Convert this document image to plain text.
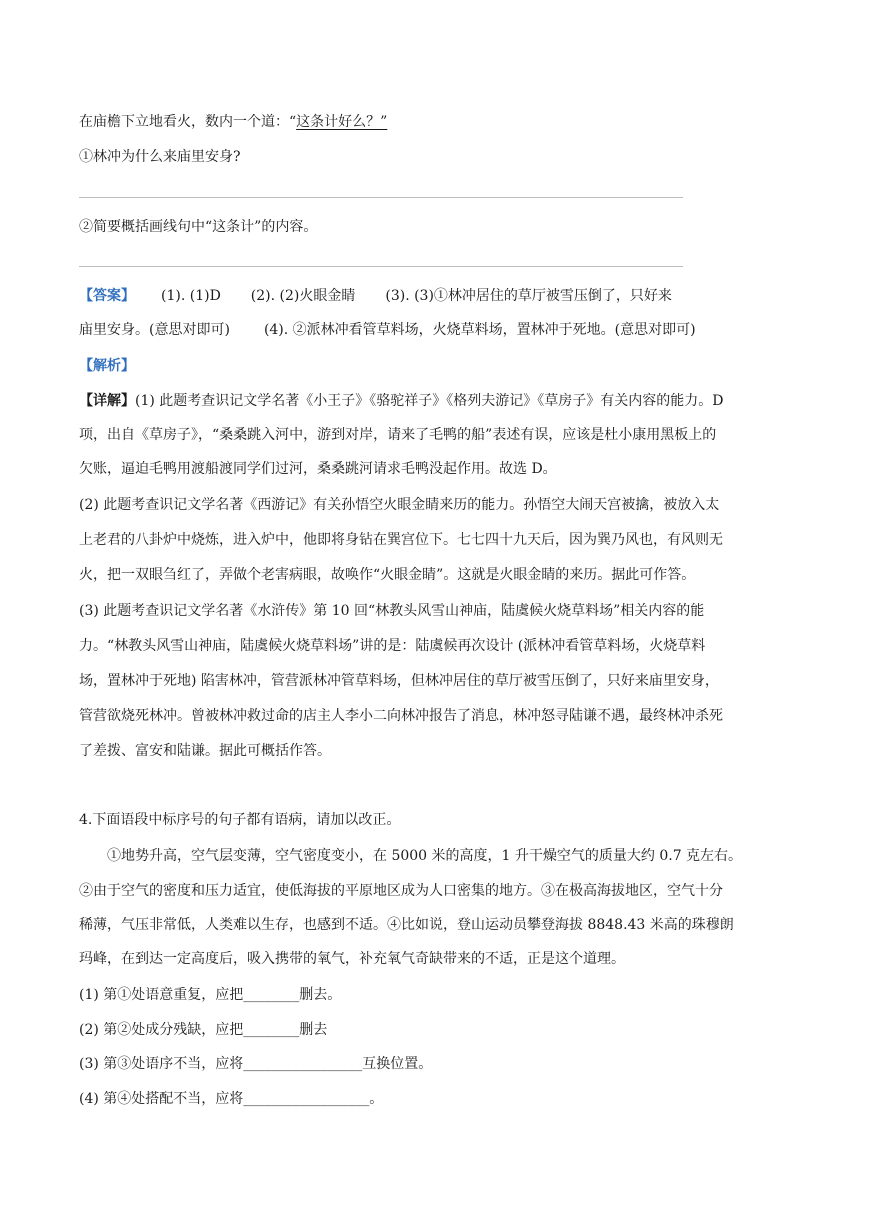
在庙檐下立地看火，数内一个道：“这条计好么？”
①林冲为什么来庙里安身?
②简要概括画线句中“这条计”的内容。
【答案】 (1). (1)D (2). (2)火眼金睛 (3). (3)①林冲居住的草厅被雪压倒了，只好来
庙里安身。(意思对即可) (4). ②派林冲看管草料场，火烧草料场，置林冲于死地。(意思对即可)
【解析】
【详解】(1) 此题考查识记文学名著《小王子》《骆驼祥子》《格列夫游记》《草房子》有关内容的能力。D
项，出自《草房子》，“桑桑跳入河中，游到对岸，请来了毛鸭的船”表述有误，应该是杜小康用黑板上的
欠账，逼迫毛鸭用渡船渡同学们过河，桑桑跳河请求毛鸭没起作用。故选 D。
(2) 此题考查识记文学名著《西游记》有关孙悟空火眼金睛来历的能力。孙悟空大闹天宫被擒，被放入太
上老君的八卦炉中烧炼，进入炉中，他即将身钻在巽宫位下。七七四十九天后，因为巽乃风也，有风则无
火，把一双眼刍红了，弄做个老害病眼，故唤作“火眼金睛”。这就是火眼金睛的来历。据此可作答。
(3) 此题考查识记文学名著《水浒传》第 10 回“林教头风雪山神庙，陆虞候火烧草料场”相关内容的能
力。“林教头风雪山神庙，陆虞候火烧草料场”讲的是：陆虞候再次设计 (派林冲看管草料场，火烧草料
场，置林冲于死地) 陷害林冲，管营派林冲管草料场，但林冲居住的草厅被雪压倒了，只好来庙里安身，
管营欲烧死林冲。曾被林冲救过命的店主人李小二向林冲报告了消息，林冲怒寻陆谦不遇，最终林冲杀死
了差拨、富安和陆谦。据此可概括作答。
4.下面语段中标序号的句子都有语病，请加以改正。
①地势升高，空气层变薄，空气密度变小，在 5000 米的高度，1 升干燥空气的质量大约 0.7 克左右。
②由于空气的密度和压力适宜，使低海拔的平原地区成为人口密集的地方。③在极高海拔地区，空气十分
稀薄，气压非常低，人类难以生存，也感到不适。④比如说，登山运动员攀登海拔 8848.43 米高的珠穆朗
玛峰，在到达一定高度后，吸入携带的氧气，补充氧气奇缺带来的不适，正是这个道理。
(1) 第①处语意重复，应把________删去。
(2) 第②处成分残缺，应把________删去
(3) 第③处语序不当，应将_________________互换位置。
(4) 第④处搭配不当，应将__________________。
